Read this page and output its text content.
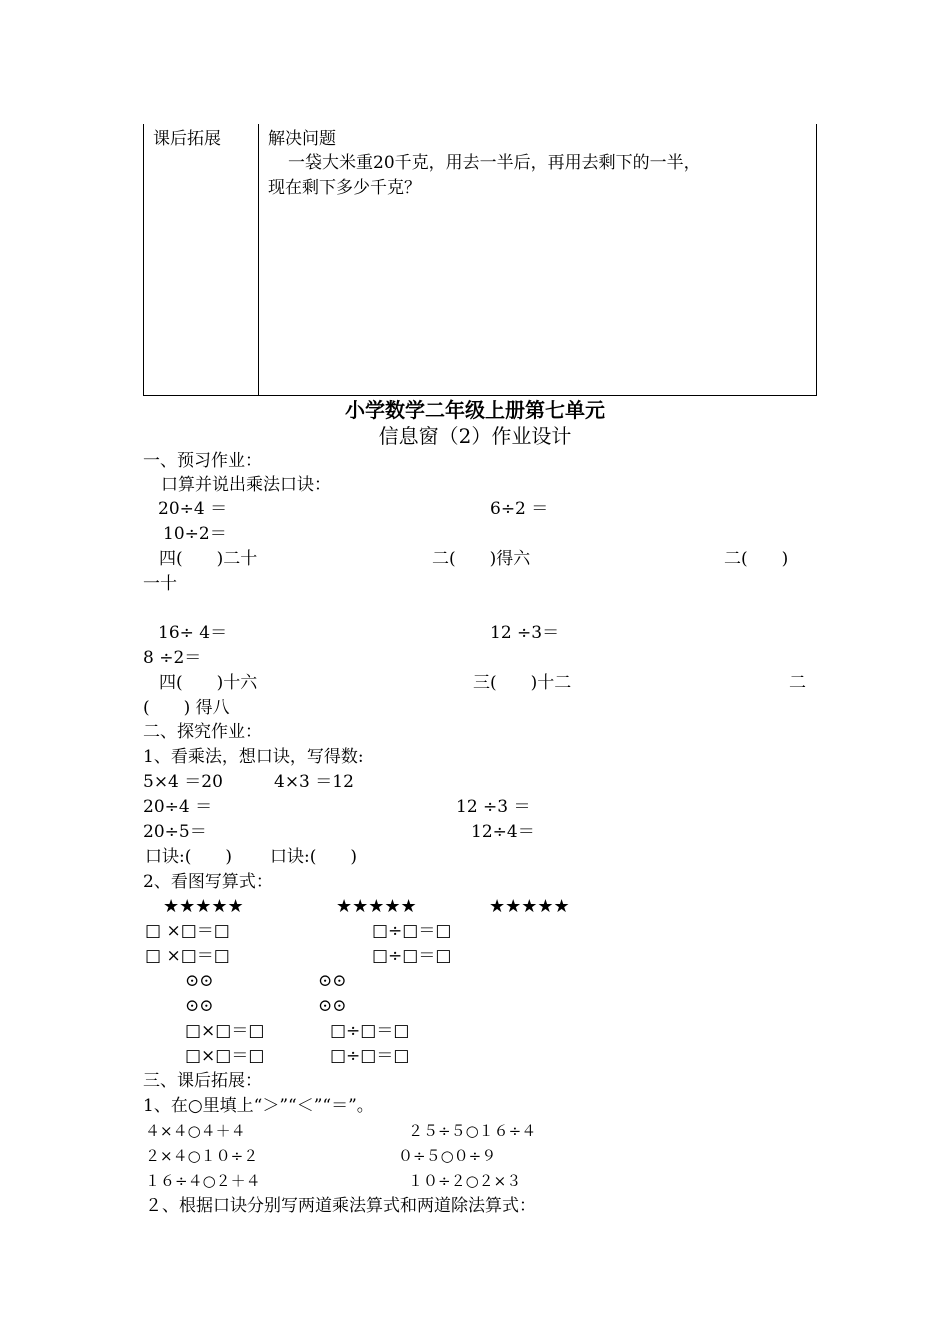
课后拓展	解决问题
一袋大米重20千克，用去一半后，再用去剩下的一半，
现在剩下多少千克？
小学数学二年级上册第七单元
信息窗（2）作业设计
一、预习作业：
口算并说出乘法口诀：
20÷4 ＝	6÷2 ＝
10÷2＝
四(　　)二十	二(　　)得六	二(　　)
一十
16÷ 4＝	12 ÷3＝
8 ÷2＝
四(　　)十六	三(　　)十二	二
(　　) 得八
二、探究作业：
1、看乘法，想口诀，写得数:
5×4 ＝20	4×3 ＝12
20÷4 ＝	12 ÷3 ＝
20÷5＝	12÷4＝
口诀:(　　) 口诀:(　　)
2、看图写算式：
★★★★★	★★★★★	★★★★★
□ ×□＝□	□÷□＝□
□ ×□＝□	□÷□＝□
⊙⊙	⊙⊙
⊙⊙	⊙⊙
□×□＝□	□÷□＝□
□×□＝□	□÷□＝□
三、课后拓展：
1、在○里填上“＞”“＜”“＝”。
４×４○４＋４	２５÷５○１６÷４
２×４○１０÷２	０÷５○０÷９
１６÷４○２＋４	１０÷２○２×３
２、根据口诀分别写两道乘法算式和两道除法算式：
